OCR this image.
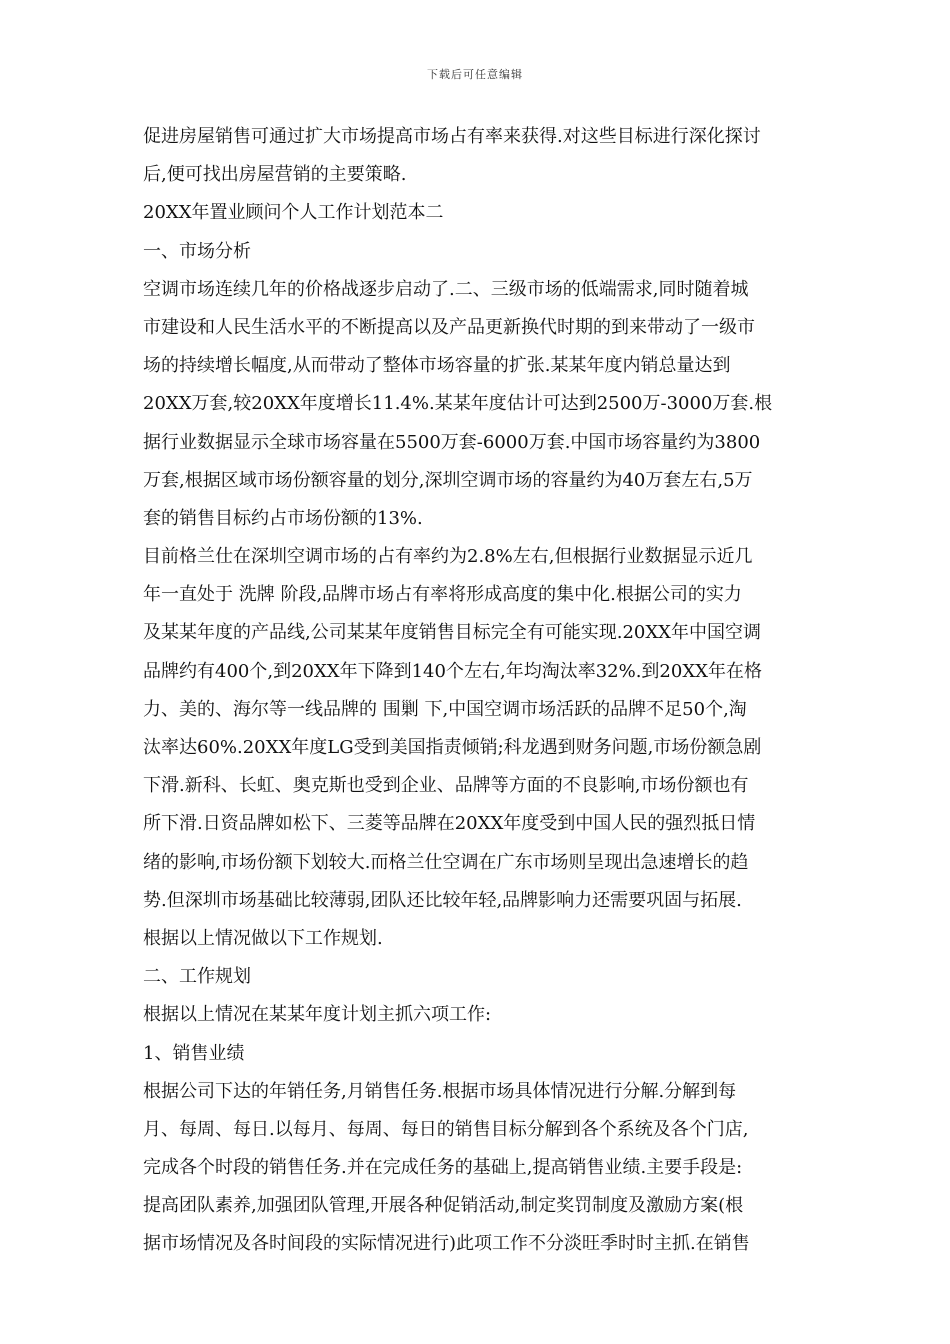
下载后可任意编辑
促进房屋销售可通过扩大市场提高市场占有率来获得.对这些目标进行深化探讨
后,便可找出房屋营销的主要策略.
20XX年置业顾问个人工作计划范本二
一、市场分析
空调市场连续几年的价格战逐步启动了.二、三级市场的低端需求,同时随着城
市建设和人民生活水平的不断提高以及产品更新换代时期的到来带动了一级市
场的持续增长幅度,从而带动了整体市场容量的扩张.某某年度内销总量达到
20XX万套,较20XX年度增长11.4%.某某年度估计可达到2500万-3000万套.根
据行业数据显示全球市场容量在5500万套-6000万套.中国市场容量约为3800
万套,根据区域市场份额容量的划分,深圳空调市场的容量约为40万套左右,5万
套的销售目标约占市场份额的13%.
目前格兰仕在深圳空调市场的占有率约为2.8%左右,但根据行业数据显示近几
年一直处于 洗牌 阶段,品牌市场占有率将形成高度的集中化.根据公司的实力
及某某年度的产品线,公司某某年度销售目标完全有可能实现.20XX年中国空调
品牌约有400个,到20XX年下降到140个左右,年均淘汰率32%.到20XX年在格
力、美的、海尔等一线品牌的 围剿 下,中国空调市场活跃的品牌不足50个,淘
汰率达60%.20XX年度LG受到美国指责倾销;科龙遇到财务问题,市场份额急剧
下滑.新科、长虹、奥克斯也受到企业、品牌等方面的不良影响,市场份额也有
所下滑.日资品牌如松下、三菱等品牌在20XX年度受到中国人民的强烈抵日情
绪的影响,市场份额下划较大.而格兰仕空调在广东市场则呈现出急速增长的趋
势.但深圳市场基础比较薄弱,团队还比较年轻,品牌影响力还需要巩固与拓展.
根据以上情况做以下工作规划.
二、工作规划
根据以上情况在某某年度计划主抓六项工作:
1、销售业绩
根据公司下达的年销任务,月销售任务.根据市场具体情况进行分解.分解到每
月、每周、每日.以每月、每周、每日的销售目标分解到各个系统及各个门店,
完成各个时段的销售任务.并在完成任务的基础上,提高销售业绩.主要手段是:
提高团队素养,加强团队管理,开展各种促销活动,制定奖罚制度及激励方案(根
据市场情况及各时间段的实际情况进行)此项工作不分淡旺季时时主抓.在销售
